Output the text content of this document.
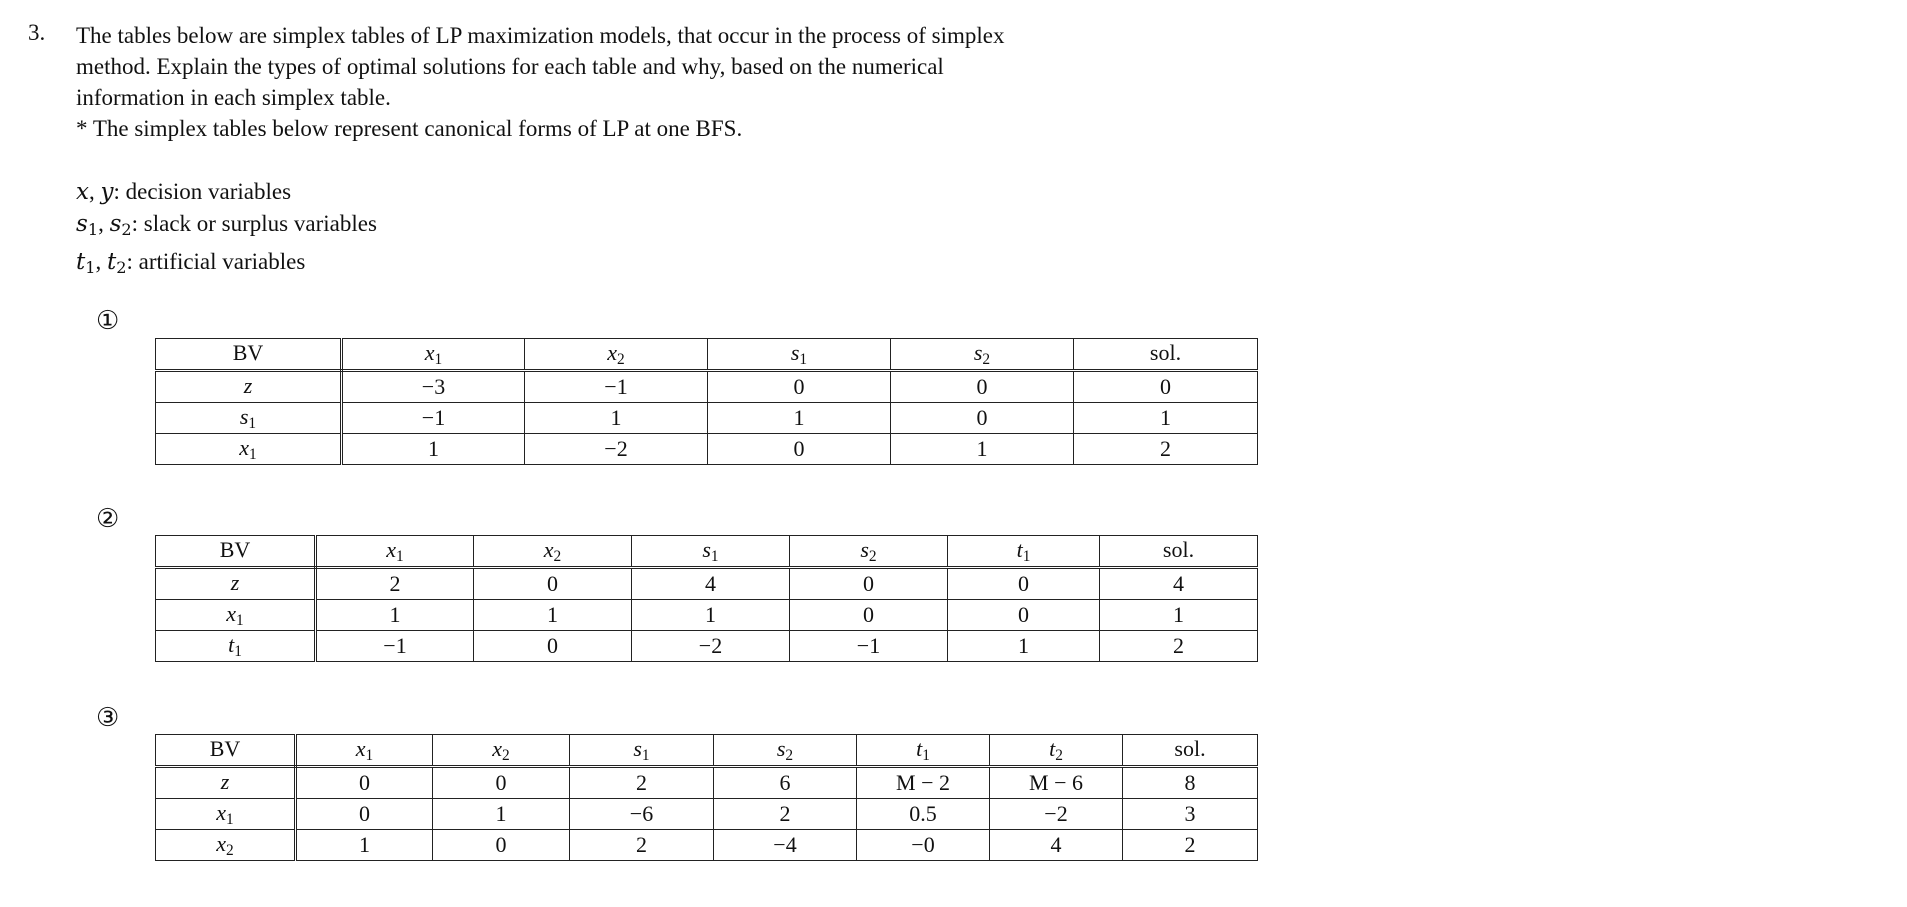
3. The tables below are simplex tables of LP maximization models, that occur in the process of simplex
method. Explain the types of optimal solutions for each table and why, based on the numerical
information in each simplex table.
* The simplex tables below represent canonical forms of LP at one BFS.
x, y: decision variables
$s_1$, $s_2$: slack or surplus variables
$t_1$, $t_2$: artificial variables
①
BV	$x_1$	$x_2$	$s_1$	$s_2$	sol.
z	−3	−1	0	0	0
$s_1$	−1	1	1	0	1
$x_1$	1	−2	0	1	2
②
BV	$x_1$	$x_2$	$s_1$	$s_2$	$t_1$	sol.
z	2	0	4	0	0	4
$x_1$	1	1	1	0	0	1
$t_1$	−1	0	−2	−1	1	2
③
BV	$x_1$	$x_2$	$s_1$	$s_2$	$t_1$	$t_2$	sol.
z	0	0	2	6	M − 2	M − 6	8
$x_1$	0	1	−6	2	0.5	−2	3
$x_2$	1	0	2	−4	−0	4	2
